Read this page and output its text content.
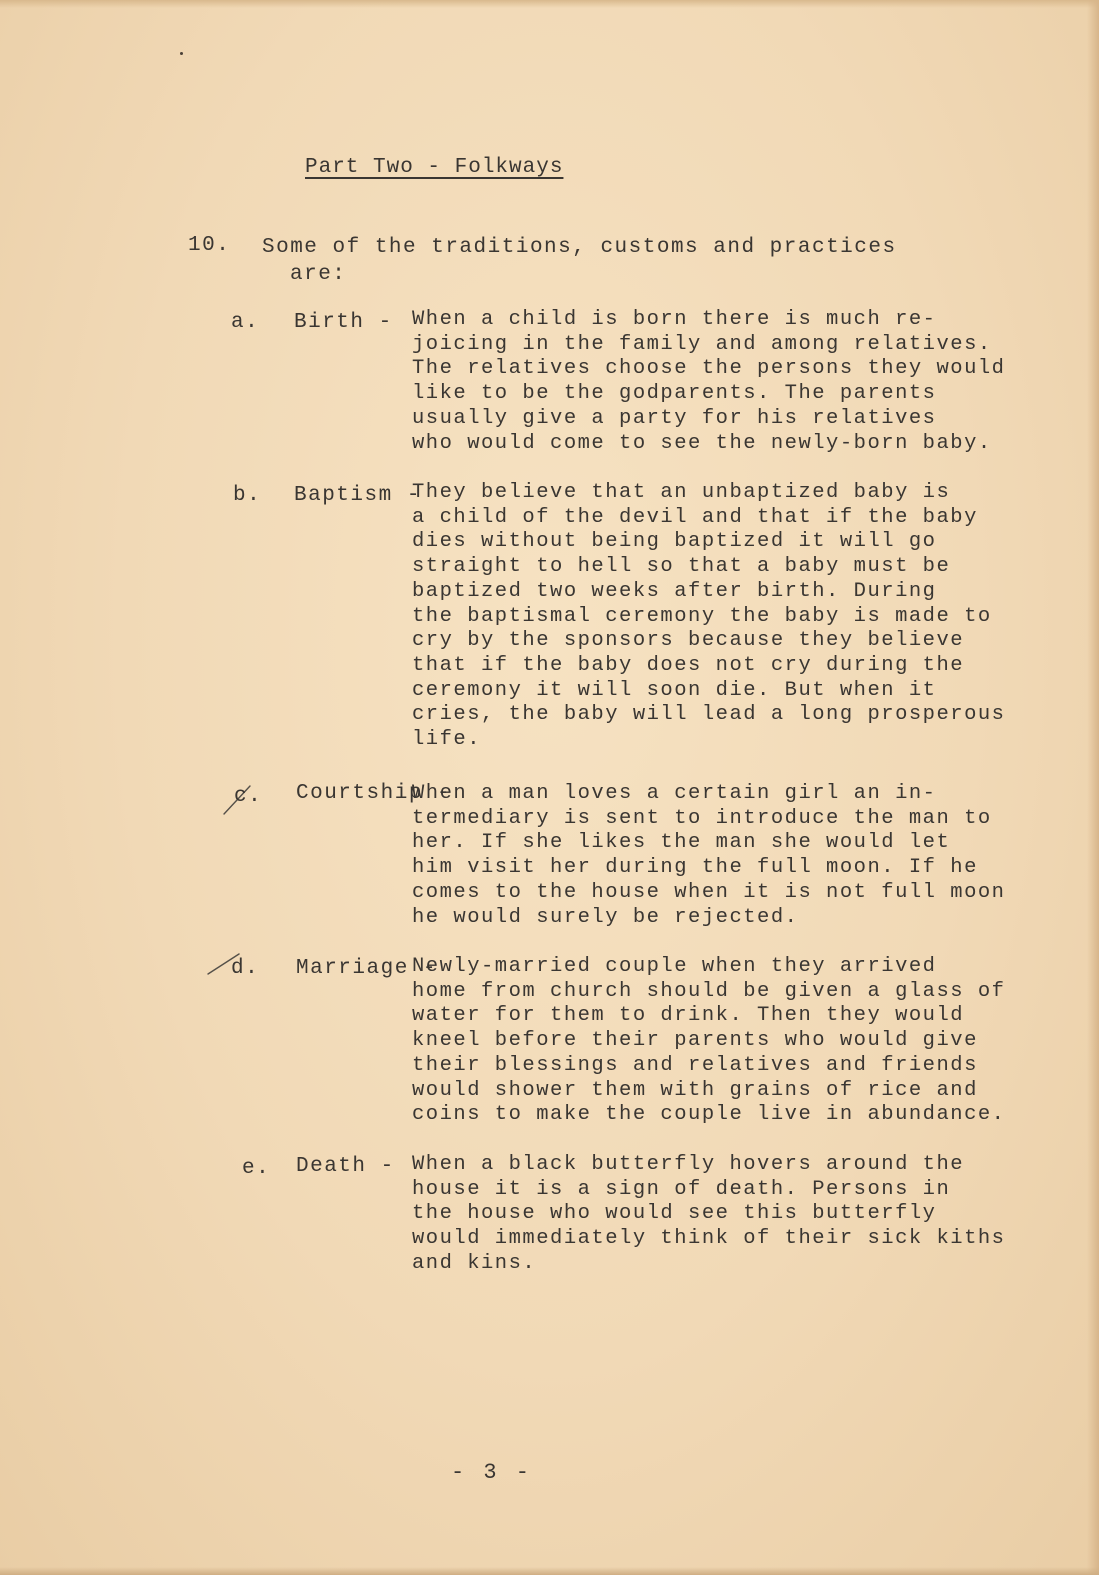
Part Two - Folkways
10. Some of the traditions, customs and practices
are:
a. Birth - When a child is born there is much re-
joicing in the family and among relatives.
The relatives choose the persons they would
like to be the godparents. The parents
usually give a party for his relatives
who would come to see the newly-born baby.
b. Baptism -
They believe that an unbaptized baby is
a child of the devil and that if the baby
dies without being baptized it will go
straight to hell so that a baby must be
baptized two weeks after birth. During
the baptismal ceremony the baby is made to
cry by the sponsors because they believe
that if the baby does not cry during the
ceremony it will soon die. But when it
cries, the baby will lead a long prosperous
life.
c. Courtship -
When a man loves a certain girl an in-
termediary is sent to introduce the man to
her. If she likes the man she would let
him visit her during the full moon. If he
comes to the house when it is not full moon
he would surely be rejected.
d. Marriage -
Newly-married couple when they arrived
home from church should be given a glass of
water for them to drink. Then they would
kneel before their parents who would give
their blessings and relatives and friends
would shower them with grains of rice and
coins to make the couple live in abundance.
e. Death - When a black butterfly hovers around the
house it is a sign of death. Persons in
the house who would see this butterfly
would immediately think of their sick kiths
and kins.
- 3 -
